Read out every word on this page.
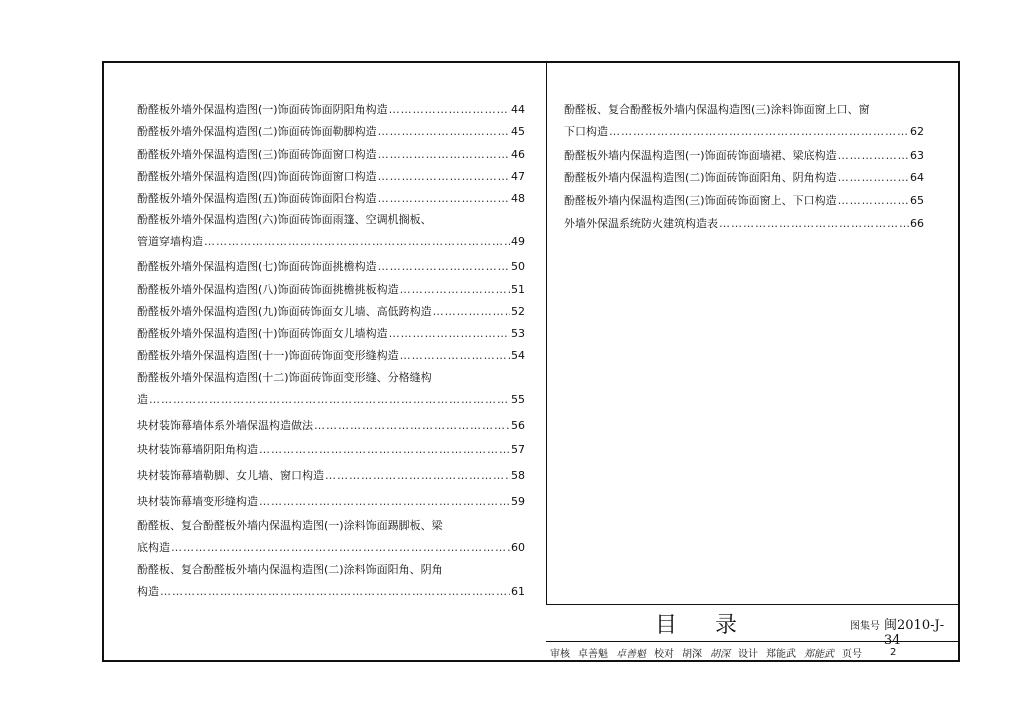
酚醛板外墙外保温构造图(一)饰面砖饰面阴阳角构造 ……………………………………………………………………………………………………………………………………………………………………	44
酚醛板外墙外保温构造图(二)饰面砖饰面勒脚构造 ……………………………………………………………………………………………………………………………………………………………………	45
酚醛板外墙外保温构造图(三)饰面砖饰面窗口构造 ……………………………………………………………………………………………………………………………………………………………………	46
酚醛板外墙外保温构造图(四)饰面砖饰面窗口构造 ……………………………………………………………………………………………………………………………………………………………………	47
酚醛板外墙外保温构造图(五)饰面砖饰面阳台构造 ……………………………………………………………………………………………………………………………………………………………………	48
酚醛板外墙外保温构造图(六)饰面砖饰面雨篷、空调机搁板、
管道穿墙构造 ……………………………………………………………………………………………………………………………………………………………………	49
酚醛板外墙外保温构造图(七)饰面砖饰面挑檐构造 ……………………………………………………………………………………………………………………………………………………………………	50
酚醛板外墙外保温构造图(八)饰面砖饰面挑檐挑板构造 ……………………………………………………………………………………………………………………………………………………………………	51
酚醛板外墙外保温构造图(九)饰面砖饰面女儿墙、高低跨构造 ……………………………………………………………………………………………………………………………………………………………………	52
酚醛板外墙外保温构造图(十)饰面砖饰面女儿墙构造 ……………………………………………………………………………………………………………………………………………………………………	53
酚醛板外墙外保温构造图(十一)饰面砖饰面变形缝构造 ……………………………………………………………………………………………………………………………………………………………………	54
酚醛板外墙外保温构造图(十二)饰面砖饰面变形缝、分格缝构
造 ……………………………………………………………………………………………………………………………………………………………………	55
块材装饰幕墙体系外墙保温构造做法 ……………………………………………………………………………………………………………………………………………………………………	56
块材装饰幕墙阴阳角构造 ……………………………………………………………………………………………………………………………………………………………………	57
块材装饰幕墙勒脚、女儿墙、窗口构造 ……………………………………………………………………………………………………………………………………………………………………	58
块材装饰幕墙变形缝构造 ……………………………………………………………………………………………………………………………………………………………………	59
酚醛板、复合酚醛板外墙内保温构造图(一)涂料饰面踢脚板、梁
底构造 ……………………………………………………………………………………………………………………………………………………………………	60
酚醛板、复合酚醛板外墙内保温构造图(二)涂料饰面阳角、阴角
构造 ……………………………………………………………………………………………………………………………………………………………………	61
酚醛板、复合酚醛板外墙内保温构造图(三)涂料饰面窗上口、窗
下口构造 ……………………………………………………………………………………………………………………………………………………………………	62
酚醛板外墙内保温构造图(一)饰面砖饰面墙裙、梁底构造 ……………………………………………………………………………………………………………………………………………………………………	63
酚醛板外墙内保温构造图(二)饰面砖饰面阳角、阴角构造 ……………………………………………………………………………………………………………………………………………………………………	64
酚醛板外墙内保温构造图(三)饰面砖饰面窗上、下口构造 ……………………………………………………………………………………………………………………………………………………………………	65
外墙外保温系统防火建筑构造表 ……………………………………………………………………………………………………………………………………………………………………	66
目录	图集号 闽2010-J-34
审核 卓善魁 卓善魁 校对 胡深 胡深 设计 郑能武 郑能武 页号	2
